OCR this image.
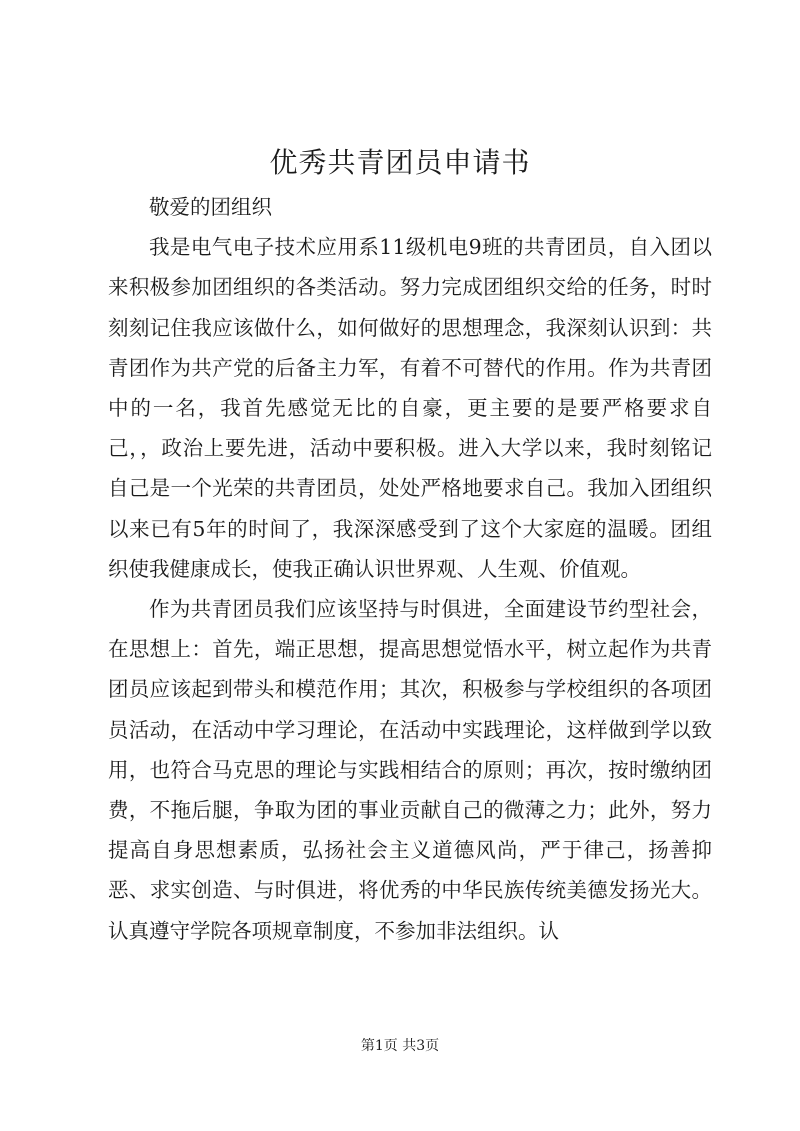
优秀共青团员申请书

敬爱的团组织

我是电气电子技术应用系11级机电9班的共青团员，自入团以来积极参加团组织的各类活动。努力完成团组织交给的任务，时时刻刻记住我应该做什么，如何做好的思想理念，我深刻认识到：共青团作为共产党的后备主力军，有着不可替代的作用。作为共青团中的一名，我首先感觉无比的自豪，更主要的是要严格要求自己，，政治上要先进，活动中要积极。进入大学以来，我时刻铭记自己是一个光荣的共青团员，处处严格地要求自己。我加入团组织以来已有5年的时间了，我深深感受到了这个大家庭的温暖。团组织使我健康成长，使我正确认识世界观、人生观、价值观。

作为共青团员我们应该坚持与时俱进，全面建设节约型社会，在思想上：首先，端正思想，提高思想觉悟水平，树立起作为共青团员应该起到带头和模范作用；其次，积极参与学校组织的各项团员活动，在活动中学习理论，在活动中实践理论，这样做到学以致用，也符合马克思的理论与实践相结合的原则；再次，按时缴纳团费，不拖后腿，争取为团的事业贡献自己的微薄之力；此外，努力提高自身思想素质，弘扬社会主义道德风尚，严于律己，扬善抑恶、求实创造、与时俱进，将优秀的中华民族传统美德发扬光大。认真遵守学院各项规章制度，不参加非法组织。认

第1页 共3页
